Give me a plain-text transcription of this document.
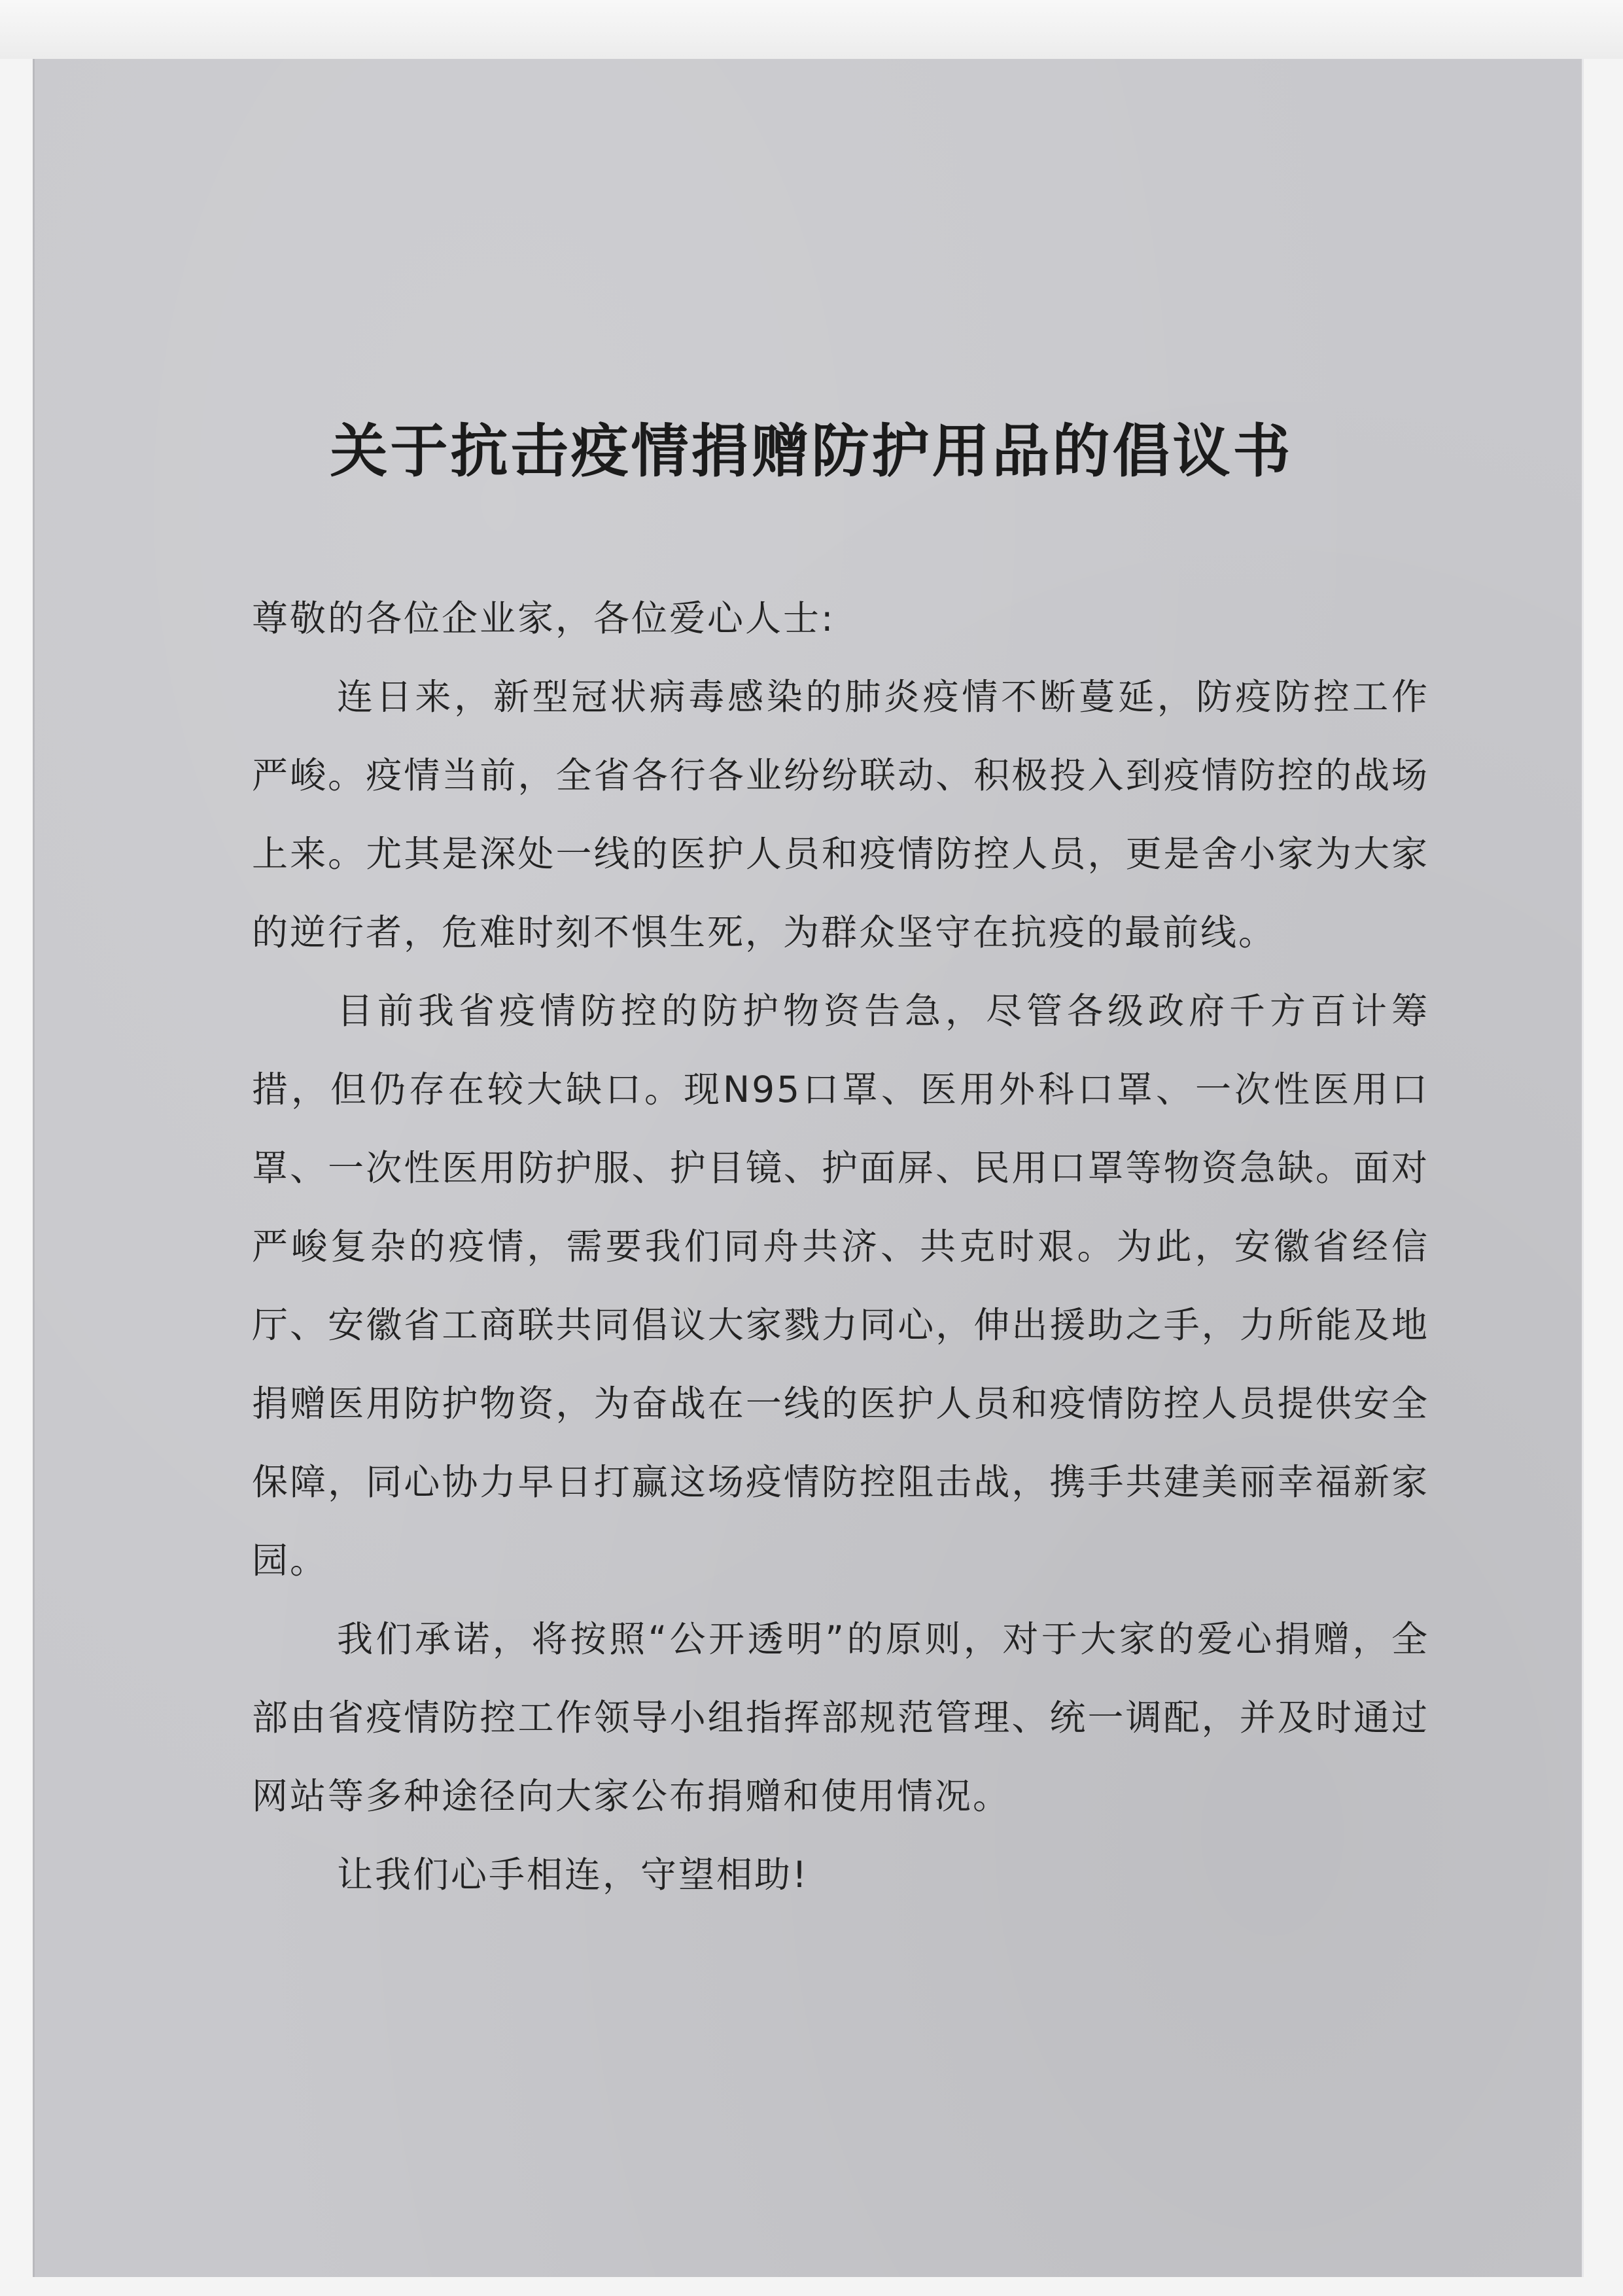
关于抗击疫情捐赠防护用品的倡议书

尊敬的各位企业家，各位爱心人士:

连日来，新型冠状病毒感染的肺炎疫情不断蔓延，防疫防控工作严峻。疫情当前，全省各行各业纷纷联动、积极投入到疫情防控的战场上来。尤其是深处一线的医护人员和疫情防控人员，更是舍小家为大家的逆行者，危难时刻不惧生死，为群众坚守在抗疫的最前线。

目前我省疫情防控的防护物资告急，尽管各级政府千方百计筹措，但仍存在较大缺口。现N95口罩、医用外科口罩、一次性医用口罩、一次性医用防护服、护目镜、护面屏、民用口罩等物资急缺。面对严峻复杂的疫情，需要我们同舟共济、共克时艰。为此，安徽省经信厅、安徽省工商联共同倡议大家戮力同心，伸出援助之手，力所能及地捐赠医用防护物资，为奋战在一线的医护人员和疫情防控人员提供安全保障，同心协力早日打赢这场疫情防控阻击战，携手共建美丽幸福新家园。

我们承诺，将按照“公开透明”的原则，对于大家的爱心捐赠，全部由省疫情防控工作领导小组指挥部规范管理、统一调配，并及时通过网站等多种途径向大家公布捐赠和使用情况。

让我们心手相连，守望相助!
